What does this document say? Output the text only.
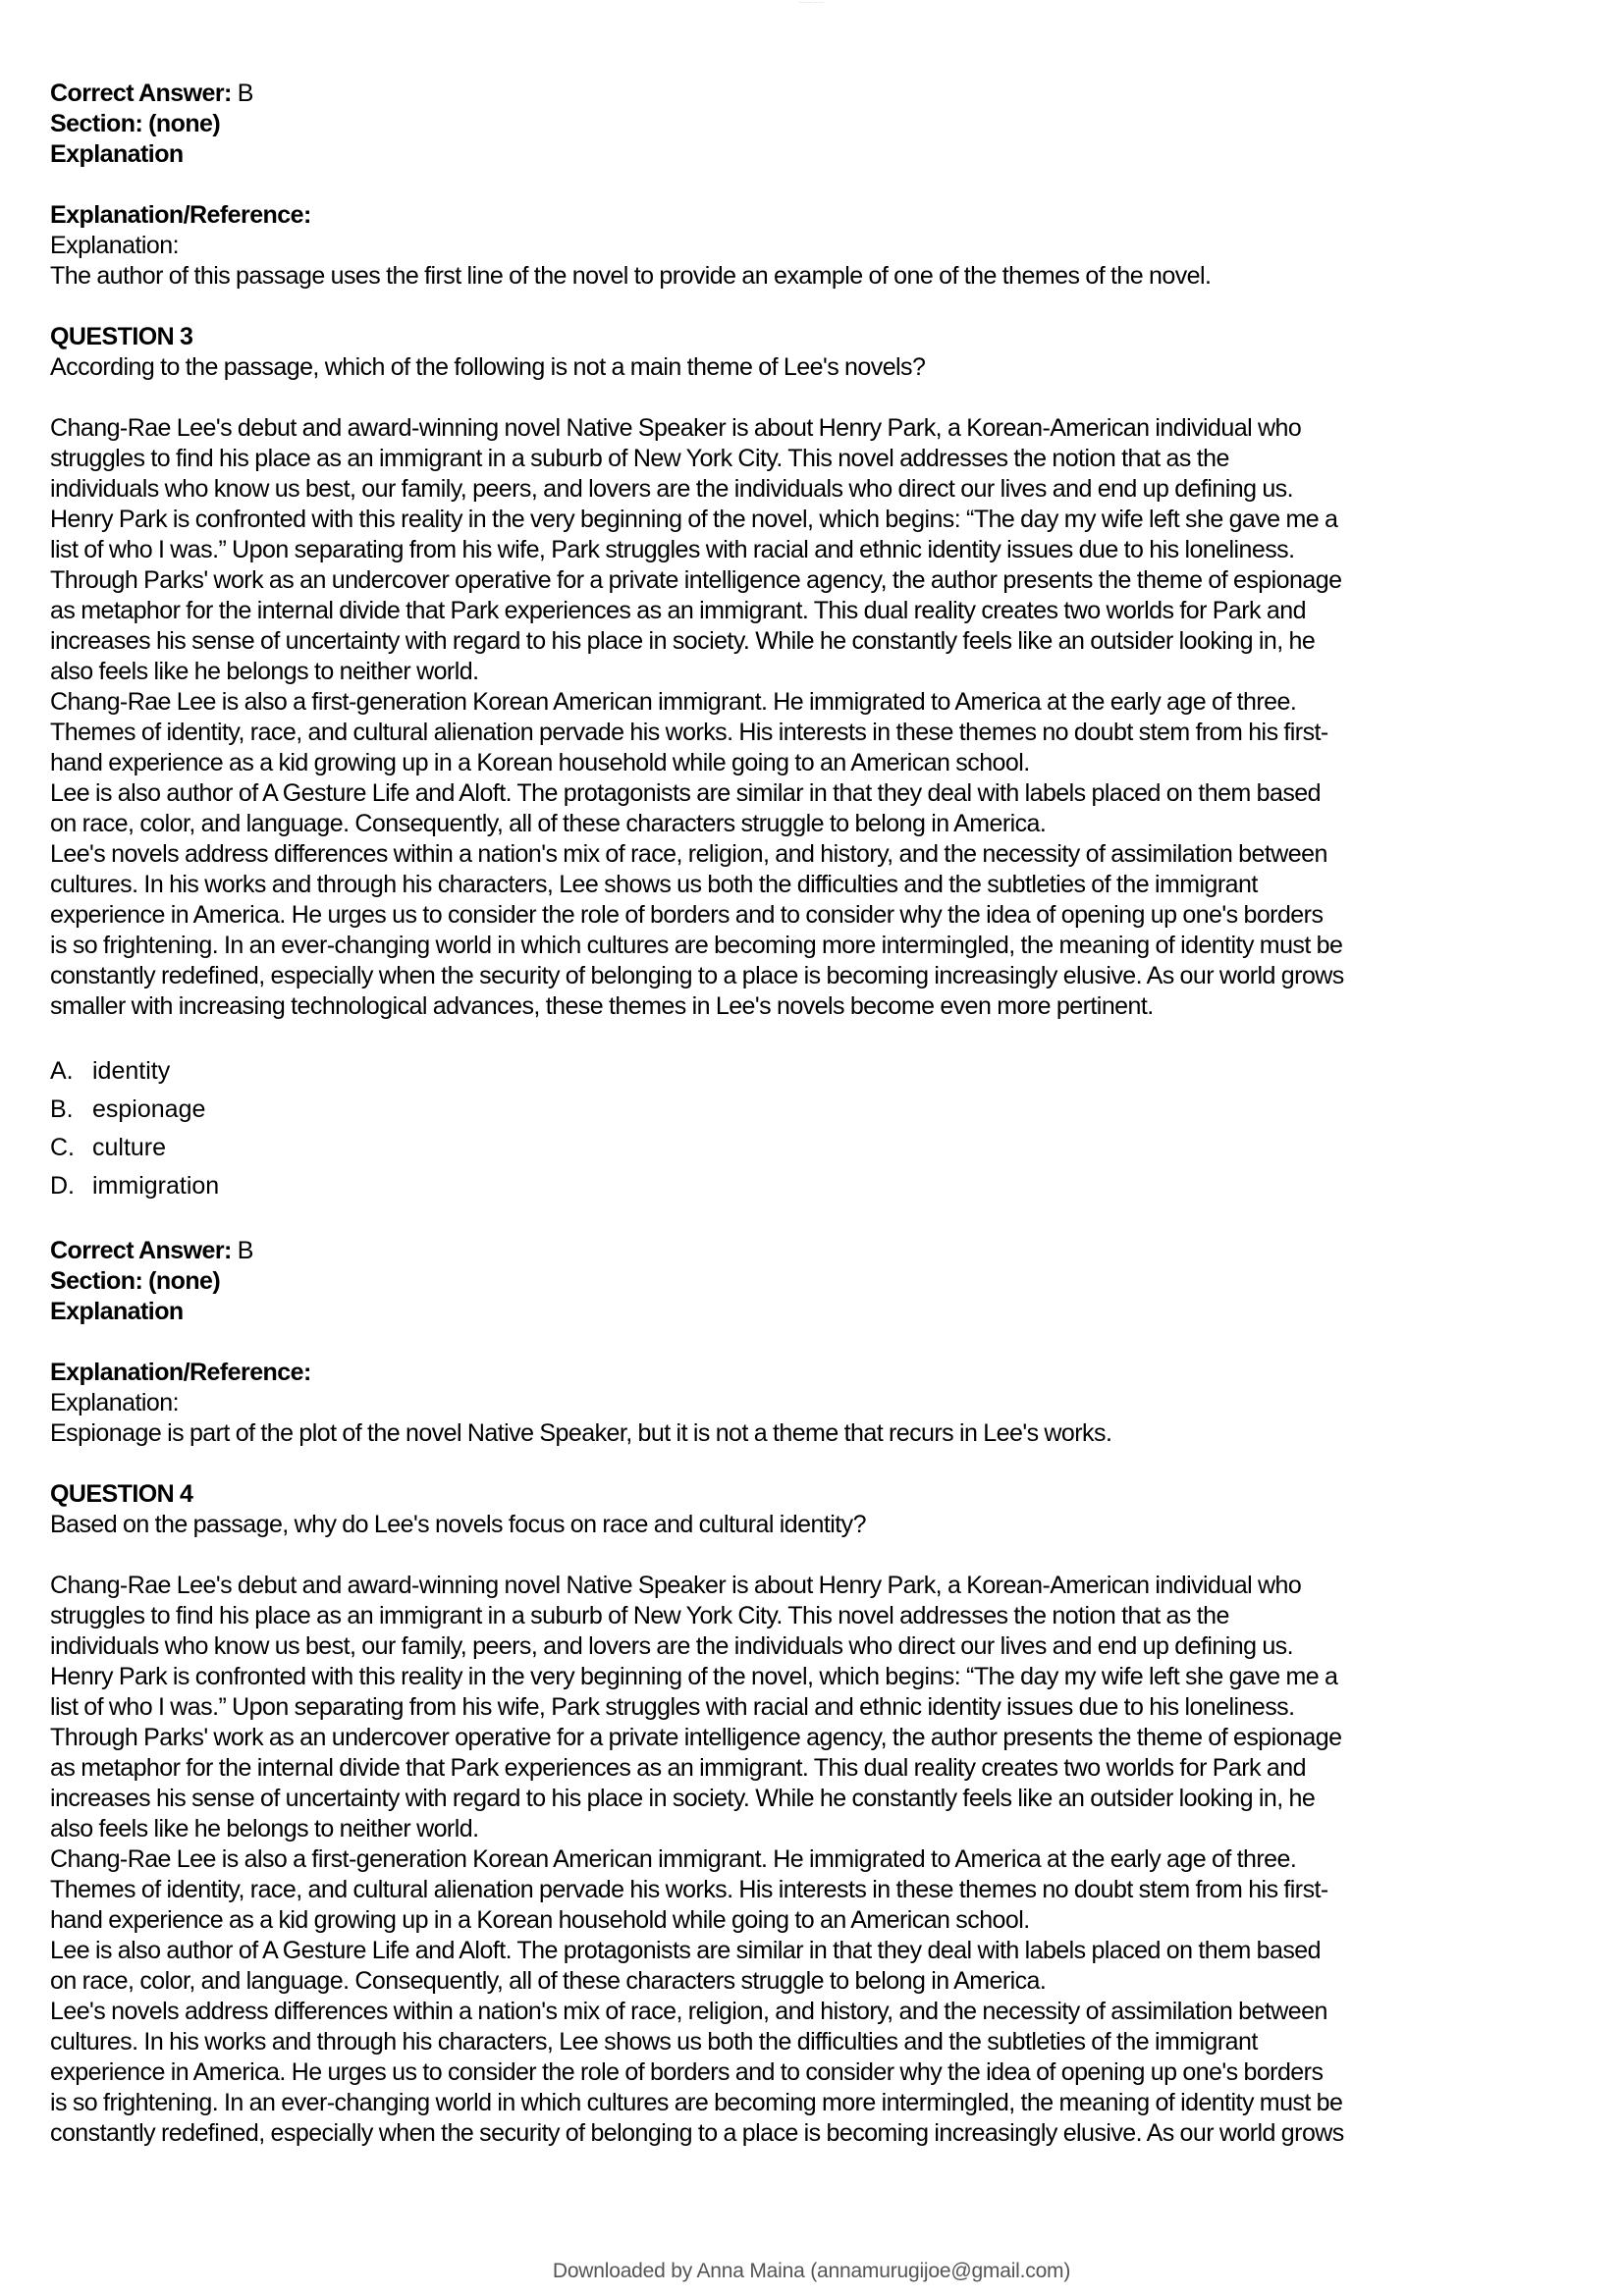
·········· ········
Correct Answer: B
Section: (none)
Explanation
Explanation/Reference:
Explanation:
The author of this passage uses the first line of the novel to provide an example of one of the themes of the novel.
QUESTION 3
According to the passage, which of the following is not a main theme of Lee's novels?
Chang-Rae Lee's debut and award-winning novel Native Speaker is about Henry Park, a Korean-American individual who
struggles to find his place as an immigrant in a suburb of New York City. This novel addresses the notion that as the
individuals who know us best, our family, peers, and lovers are the individuals who direct our lives and end up defining us.
Henry Park is confronted with this reality in the very beginning of the novel, which begins: “The day my wife left she gave me a
list of who I was.” Upon separating from his wife, Park struggles with racial and ethnic identity issues due to his loneliness.
Through Parks' work as an undercover operative for a private intelligence agency, the author presents the theme of espionage
as metaphor for the internal divide that Park experiences as an immigrant. This dual reality creates two worlds for Park and
increases his sense of uncertainty with regard to his place in society. While he constantly feels like an outsider looking in, he
also feels like he belongs to neither world.
Chang-Rae Lee is also a first-generation Korean American immigrant. He immigrated to America at the early age of three.
Themes of identity, race, and cultural alienation pervade his works. His interests in these themes no doubt stem from his first-
hand experience as a kid growing up in a Korean household while going to an American school.
Lee is also author of A Gesture Life and Aloft. The protagonists are similar in that they deal with labels placed on them based
on race, color, and language. Consequently, all of these characters struggle to belong in America.
Lee's novels address differences within a nation's mix of race, religion, and history, and the necessity of assimilation between
cultures. In his works and through his characters, Lee shows us both the difficulties and the subtleties of the immigrant
experience in America. He urges us to consider the role of borders and to consider why the idea of opening up one's borders
is so frightening. In an ever-changing world in which cultures are becoming more intermingled, the meaning of identity must be
constantly redefined, especially when the security of belonging to a place is becoming increasingly elusive. As our world grows
smaller with increasing technological advances, these themes in Lee's novels become even more pertinent.
A. identity
B. espionage
C. culture
D. immigration
Correct Answer: B
Section: (none)
Explanation
Explanation/Reference:
Explanation:
Espionage is part of the plot of the novel Native Speaker, but it is not a theme that recurs in Lee's works.
QUESTION 4
Based on the passage, why do Lee's novels focus on race and cultural identity?
Chang-Rae Lee's debut and award-winning novel Native Speaker is about Henry Park, a Korean-American individual who
struggles to find his place as an immigrant in a suburb of New York City. This novel addresses the notion that as the
individuals who know us best, our family, peers, and lovers are the individuals who direct our lives and end up defining us.
Henry Park is confronted with this reality in the very beginning of the novel, which begins: “The day my wife left she gave me a
list of who I was.” Upon separating from his wife, Park struggles with racial and ethnic identity issues due to his loneliness.
Through Parks' work as an undercover operative for a private intelligence agency, the author presents the theme of espionage
as metaphor for the internal divide that Park experiences as an immigrant. This dual reality creates two worlds for Park and
increases his sense of uncertainty with regard to his place in society. While he constantly feels like an outsider looking in, he
also feels like he belongs to neither world.
Chang-Rae Lee is also a first-generation Korean American immigrant. He immigrated to America at the early age of three.
Themes of identity, race, and cultural alienation pervade his works. His interests in these themes no doubt stem from his first-
hand experience as a kid growing up in a Korean household while going to an American school.
Lee is also author of A Gesture Life and Aloft. The protagonists are similar in that they deal with labels placed on them based
on race, color, and language. Consequently, all of these characters struggle to belong in America.
Lee's novels address differences within a nation's mix of race, religion, and history, and the necessity of assimilation between
cultures. In his works and through his characters, Lee shows us both the difficulties and the subtleties of the immigrant
experience in America. He urges us to consider the role of borders and to consider why the idea of opening up one's borders
is so frightening. In an ever-changing world in which cultures are becoming more intermingled, the meaning of identity must be
constantly redefined, especially when the security of belonging to a place is becoming increasingly elusive. As our world grows
Downloaded by Anna Maina (annamurugijoe@gmail.com)
